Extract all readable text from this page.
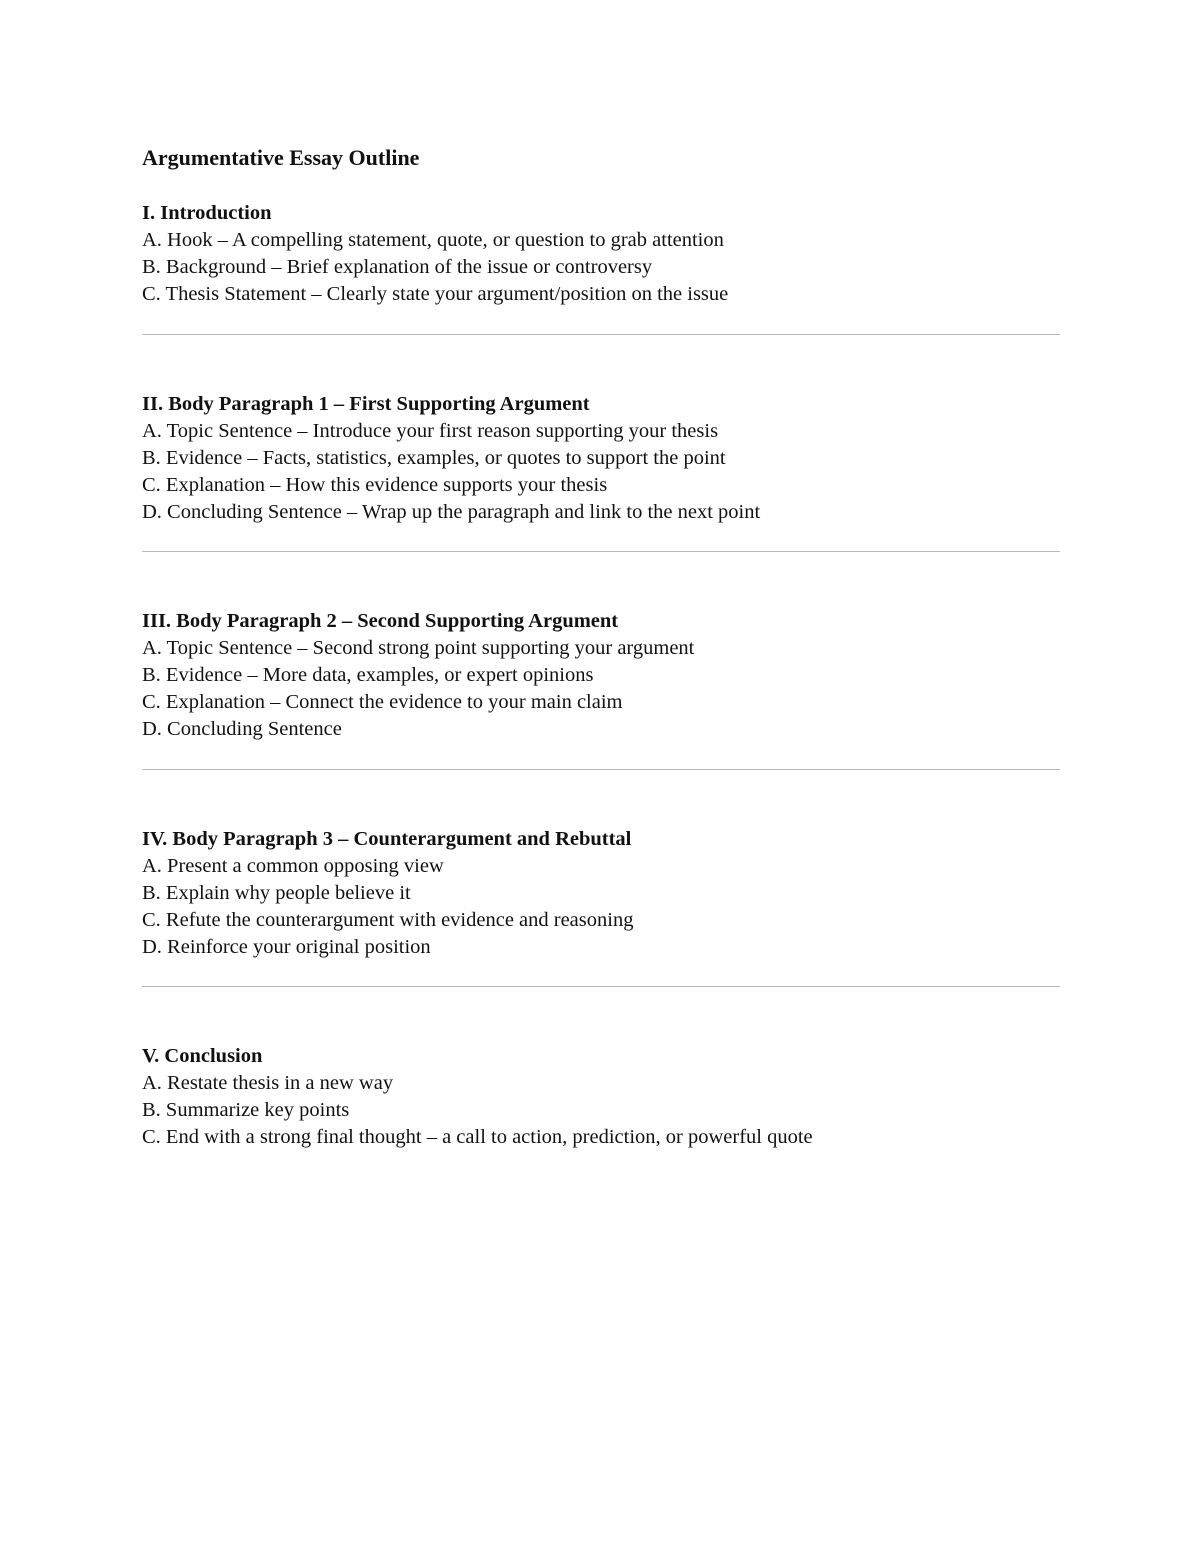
Argumentative Essay Outline
I. Introduction
A. Hook – A compelling statement, quote, or question to grab attention
B. Background – Brief explanation of the issue or controversy
C. Thesis Statement – Clearly state your argument/position on the issue
II. Body Paragraph 1 – First Supporting Argument
A. Topic Sentence – Introduce your first reason supporting your thesis
B. Evidence – Facts, statistics, examples, or quotes to support the point
C. Explanation – How this evidence supports your thesis
D. Concluding Sentence – Wrap up the paragraph and link to the next point
III. Body Paragraph 2 – Second Supporting Argument
A. Topic Sentence – Second strong point supporting your argument
B. Evidence – More data, examples, or expert opinions
C. Explanation – Connect the evidence to your main claim
D. Concluding Sentence
IV. Body Paragraph 3 – Counterargument and Rebuttal
A. Present a common opposing view
B. Explain why people believe it
C. Refute the counterargument with evidence and reasoning
D. Reinforce your original position
V. Conclusion
A. Restate thesis in a new way
B. Summarize key points
C. End with a strong final thought – a call to action, prediction, or powerful quote
